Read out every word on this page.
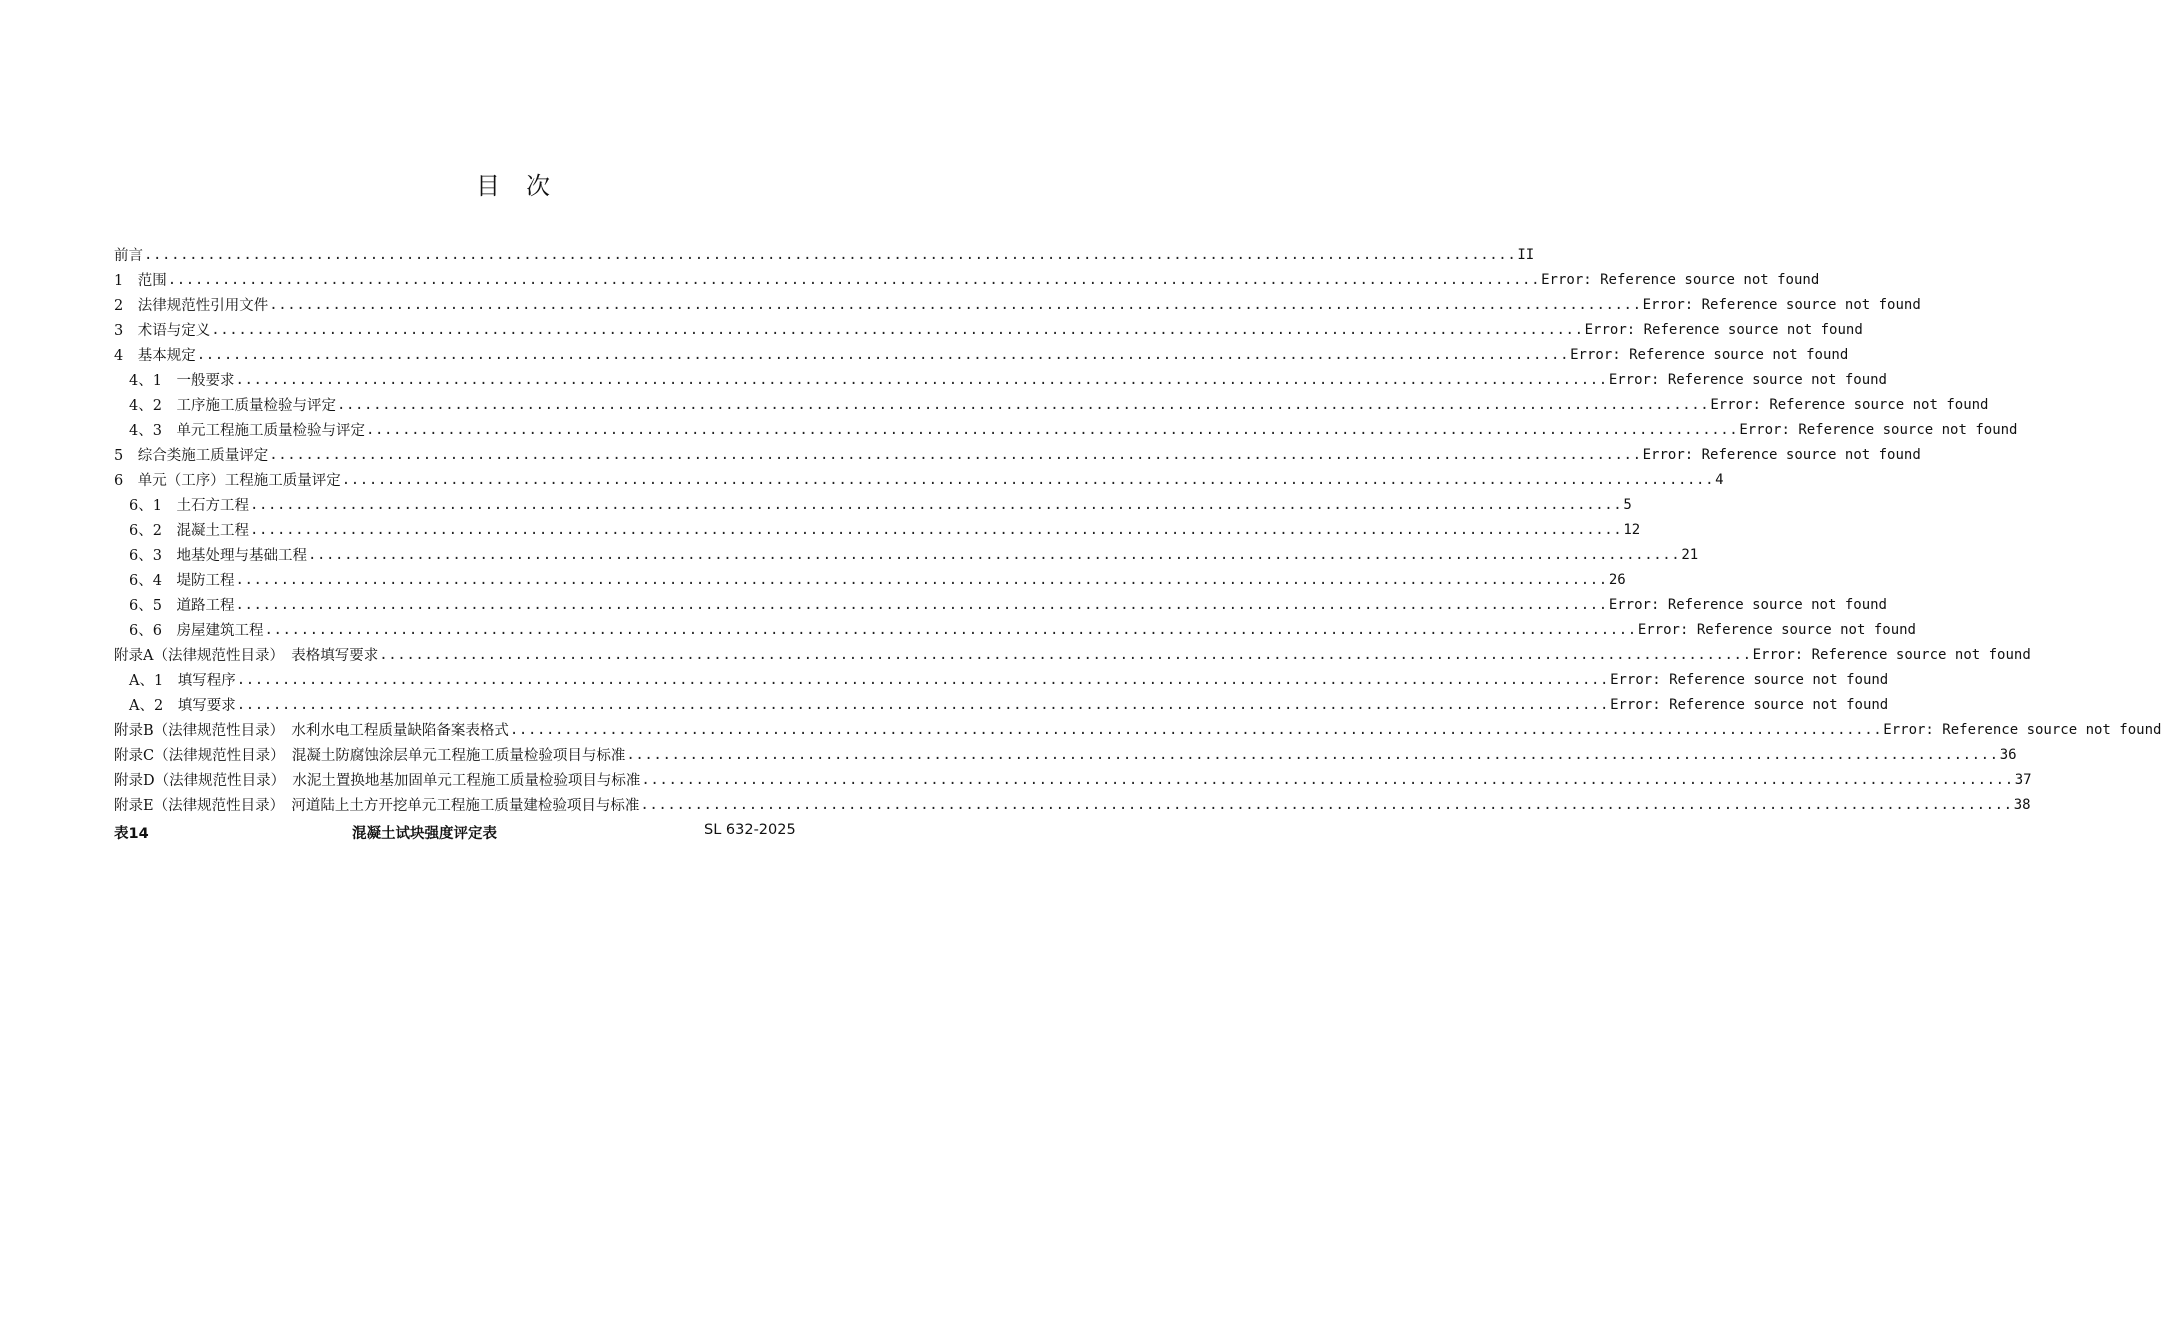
目 次
前言 ........................................................................................................................................................ II
1　范围 ........................................................................................................................................................ Error: Reference source not found
2　法律规范性引用文件 ........................................................................................................................................................ Error: Reference source not found
3　术语与定义 ........................................................................................................................................................ Error: Reference source not found
4　基本规定 ........................................................................................................................................................ Error: Reference source not found
4、1　一般要求 ........................................................................................................................................................ Error: Reference source not found
4、2　工序施工质量检验与评定 ........................................................................................................................................................ Error: Reference source not found
4、3　单元工程施工质量检验与评定 ........................................................................................................................................................ Error: Reference source not found
5　综合类施工质量评定 ........................................................................................................................................................ Error: Reference source not found
6　单元（工序）工程施工质量评定 ........................................................................................................................................................ 4
6、1　土石方工程 ........................................................................................................................................................ 5
6、2　混凝土工程 ........................................................................................................................................................ 12
6、3　地基处理与基础工程 ........................................................................................................................................................ 21
6、4　堤防工程 ........................................................................................................................................................ 26
6、5　道路工程 ........................................................................................................................................................ Error: Reference source not found
6、6　房屋建筑工程 ........................................................................................................................................................ Error: Reference source not found
附录A（法律规范性目录）　表格填写要求 ........................................................................................................................................................ Error: Reference source not found
A、1　填写程序 ........................................................................................................................................................ Error: Reference source not found
A、2　填写要求 ........................................................................................................................................................ Error: Reference source not found
附录B（法律规范性目录）　水利水电工程质量缺陷备案表格式 ........................................................................................................................................................ Error: Reference source not found
附录C（法律规范性目录）　混凝土防腐蚀涂层单元工程施工质量检验项目与标准 ........................................................................................................................................................ 36
附录D（法律规范性目录）　水泥土置换地基加固单元工程施工质量检验项目与标准 ........................................................................................................................................................ 37
附录E（法律规范性目录）　河道陆上土方开挖单元工程施工质量建检验项目与标准 ........................................................................................................................................................ 38
表14	混凝土试块强度评定表	SL 632-2025
